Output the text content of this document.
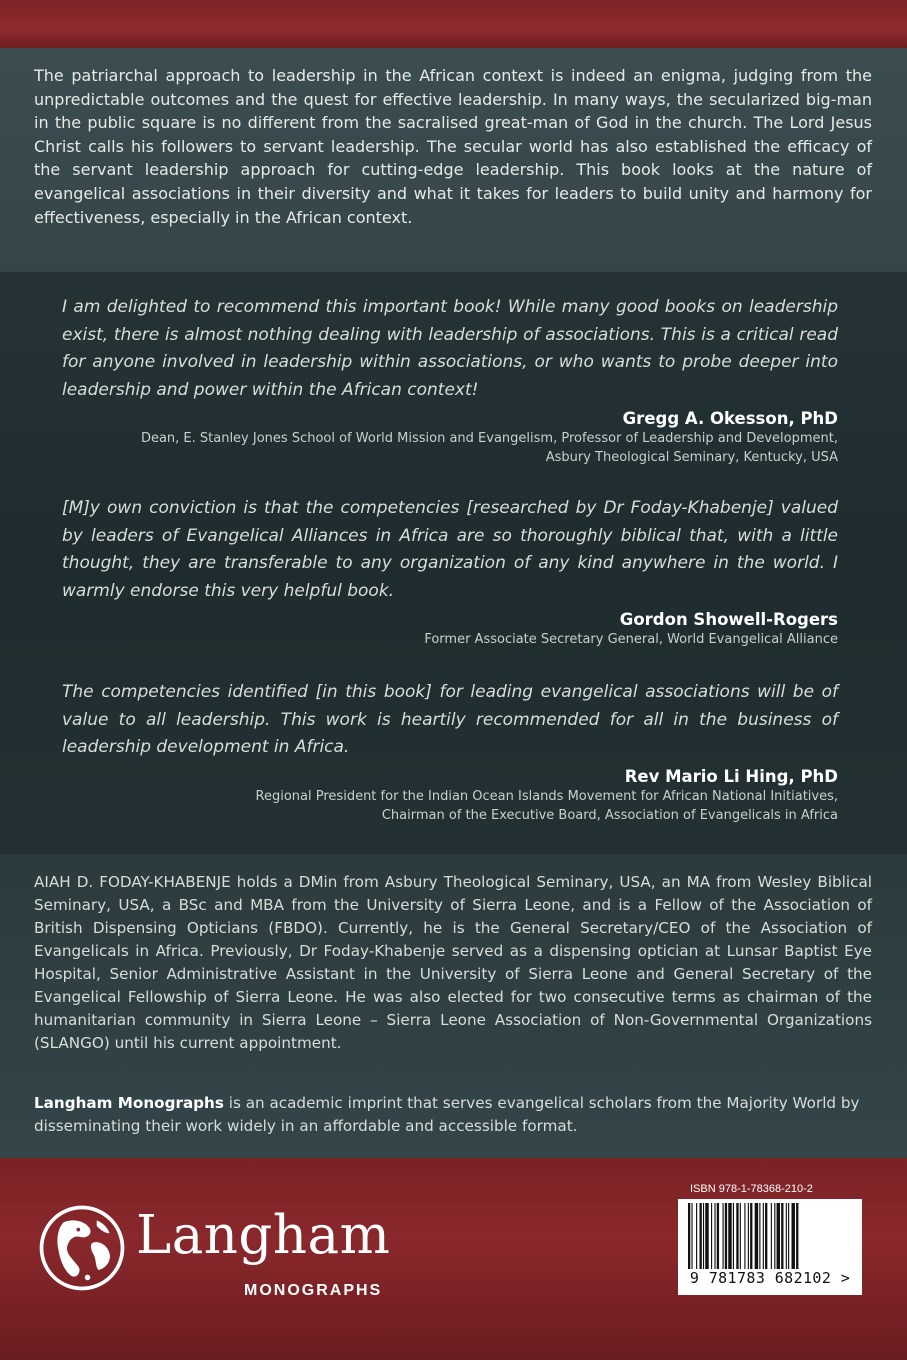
The patriarchal approach to leadership in the African context is indeed an enigma, judging from the unpredictable outcomes and the quest for effective leadership. In many ways, the secularized big-man in the public square is no different from the sacralised great-man of God in the church. The Lord Jesus Christ calls his followers to servant leadership. The secular world has also established the efficacy of the servant leadership approach for cutting-edge leadership. This book looks at the nature of evangelical associations in their diversity and what it takes for leaders to build unity and harmony for effectiveness, especially in the African context.

I am delighted to recommend this important book! While many good books on leadership exist, there is almost nothing dealing with leadership of associations. This is a critical read for anyone involved in leadership within associations, or who wants to probe deeper into leadership and power within the African context!

Gregg A. Okesson, PhD

Dean, E. Stanley Jones School of World Mission and Evangelism, Professor of Leadership and Development,

Asbury Theological Seminary, Kentucky, USA

[M]y own conviction is that the competencies [researched by Dr Foday-Khabenje] valued by leaders of Evangelical Alliances in Africa are so thoroughly biblical that, with a little thought, they are transferable to any organization of any kind anywhere in the world. I warmly endorse this very helpful book.

Gordon Showell-Rogers

Former Associate Secretary General, World Evangelical Alliance

The competencies identified [in this book] for leading evangelical associations will be of value to all leadership. This work is heartily recommended for all in the business of leadership development in Africa.

Rev Mario Li Hing, PhD

Regional President for the Indian Ocean Islands Movement for African National Initiatives,

Chairman of the Executive Board, Association of Evangelicals in Africa

AIAH D. FODAY-KHABENJE holds a DMin from Asbury Theological Seminary, USA, an MA from Wesley Biblical Seminary, USA, a BSc and MBA from the University of Sierra Leone, and is a Fellow of the Association of British Dispensing Opticians (FBDO). Currently, he is the General Secretary/CEO of the Association of Evangelicals in Africa. Previously, Dr Foday-Khabenje served as a dispensing optician at Lunsar Baptist Eye Hospital, Senior Administrative Assistant in the University of Sierra Leone and General Secretary of the Evangelical Fellowship of Sierra Leone. He was also elected for two consecutive terms as chairman of the humanitarian community in Sierra Leone – Sierra Leone Association of Non-Governmental Organizations (SLANGO) until his current appointment.

Langham Monographs is an academic imprint that serves evangelical scholars from the Majority World by disseminating their work widely in an affordable and accessible format.

Langham
MONOGRAPHS
ISBN 978-1-78368-210-2
9 781783 682102 >
